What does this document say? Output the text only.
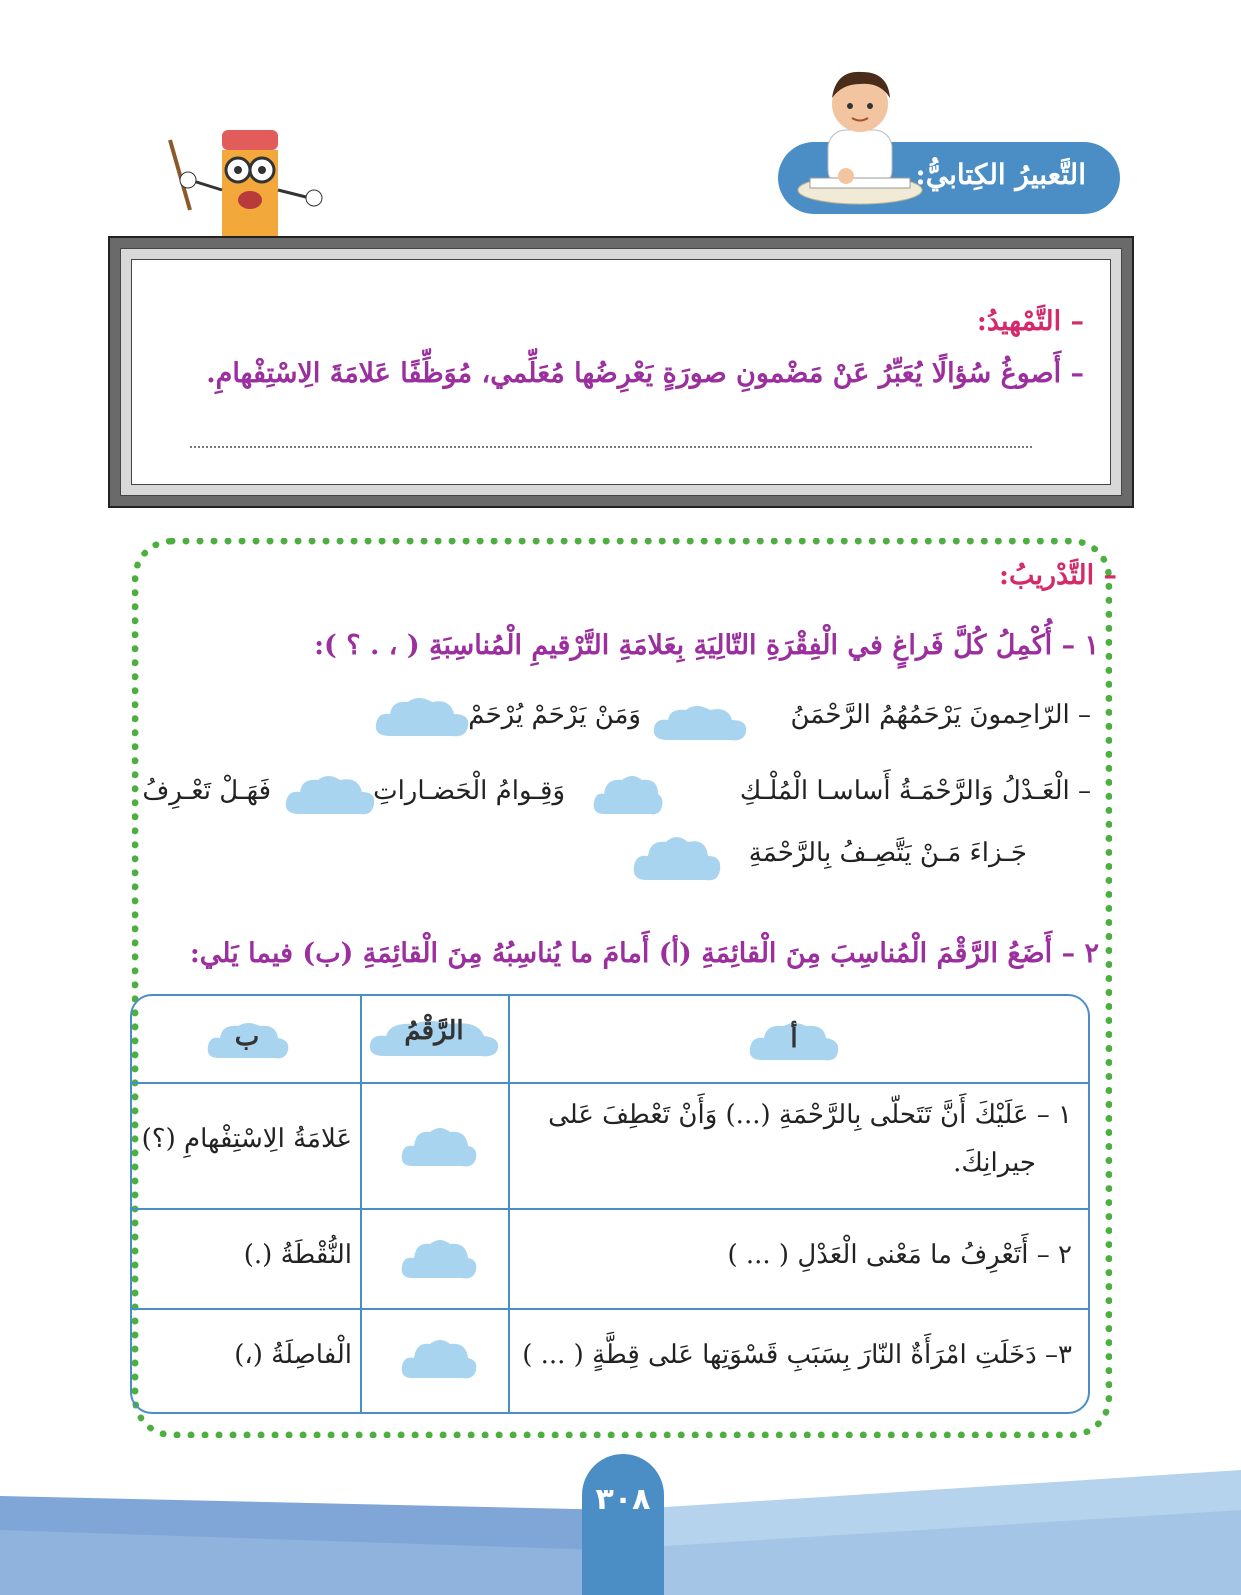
التَّعبيرُ الكِتابيُّ:
– التَّمْهيدُ:
– أَصوغُ سُؤالًا يُعَبِّرُ عَنْ مَضْمونِ صورَةٍ يَعْرِضُها مُعَلِّمي، مُوَظِّفًا عَلامَةَ الِاسْتِفْهامِ.
– التَّدْريبُ:
١ – أُكْمِلُ كُلَّ فَراغٍ في الْفِقْرَةِ التّالِيَةِ بِعَلامَةِ التَّرْقيمِ الْمُناسِبَةِ ( ، . ؟ ):
– الرّاحِمونَ يَرْحَمُهُمُ الرَّحْمَنُ
وَمَنْ يَرْحَمْ يُرْحَمْ
– الْعَـدْلُ وَالرَّحْمَـةُ أَساسـا الْمُلْـكِ
وَقِـوامُ الْحَضـاراتِ
فَهَـلْ تَعْـرِفُ
جَـزاءَ مَـنْ يَتَّصِـفُ بِالرَّحْمَةِ
٢ – أَضَعُ الرَّقْمَ الْمُناسِبَ مِنَ الْقائِمَةِ (أ) أَمامَ ما يُناسِبُهُ مِنَ الْقائِمَةِ (ب) فيما يَلي:
ب	الرَّقْمُ	أ
١ – عَلَيْكَ أَنَّ تَتَحلّى بِالرَّحْمَةِ (...) وَأَنْ تَعْطِفَ عَلى
جيرانِكَ.
عَلامَةُ الِاسْتِفْهامِ (؟)
٢ – أَتَعْرِفُ ما مَعْنى الْعَدْلِ ( ... )
النُّقْطَةُ (.)
٣– دَخَلَتِ امْرَأَةٌ النّارَ بِسَبَبِ قَسْوَتِها عَلى قِطَّةٍ ( ... )
الْفاصِلَةُ (،)
٣٠٨
